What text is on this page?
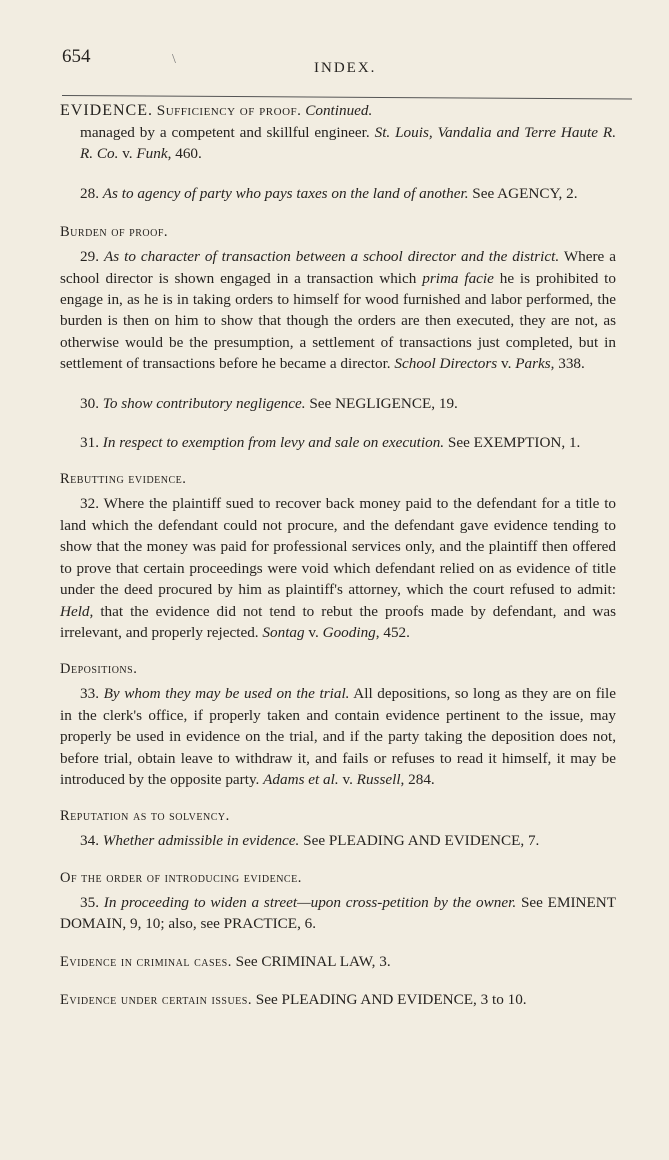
654	\
INDEX.

EVIDENCE. Sufficiency of proof. Continued.

managed by a competent and skillful engineer. St. Louis, Vandalia and Terre Haute R. R. Co. v. Funk, 460.

28. As to agency of party who pays taxes on the land of another. See AGENCY, 2.

Burden of proof.

29. As to character of transaction between a school director and the district. Where a school director is shown engaged in a transaction which prima facie he is prohibited to engage in, as he is in taking orders to himself for wood furnished and labor performed, the burden is then on him to show that though the orders are then executed, they are not, as otherwise would be the presumption, a settlement of transactions just completed, but in settlement of transactions before he became a director. School Directors v. Parks, 338.

30. To show contributory negligence. See NEGLIGENCE, 19.

31. In respect to exemption from levy and sale on execution. See EXEMPTION, 1.

Rebutting evidence.

32. Where the plaintiff sued to recover back money paid to the defendant for a title to land which the defendant could not procure, and the defendant gave evidence tending to show that the money was paid for professional services only, and the plaintiff then offered to prove that certain proceedings were void which defendant relied on as evidence of title under the deed procured by him as plaintiff's attorney, which the court refused to admit: Held, that the evidence did not tend to rebut the proofs made by defendant, and was irrelevant, and properly rejected. Sontag v. Gooding, 452.

Depositions.

33. By whom they may be used on the trial. All depositions, so long as they are on file in the clerk's office, if properly taken and contain evidence pertinent to the issue, may properly be used in evidence on the trial, and if the party taking the deposition does not, before trial, obtain leave to withdraw it, and fails or refuses to read it himself, it may be introduced by the opposite party. Adams et al. v. Russell, 284.

Reputation as to solvency.

34. Whether admissible in evidence. See PLEADING AND EVIDENCE, 7.

Of the order of introducing evidence.

35. In proceeding to widen a street—upon cross-petition by the owner. See EMINENT DOMAIN, 9, 10; also, see PRACTICE, 6.

Evidence in criminal cases. See CRIMINAL LAW, 3.

Evidence under certain issues. See PLEADING AND EVIDENCE, 3 to 10.
